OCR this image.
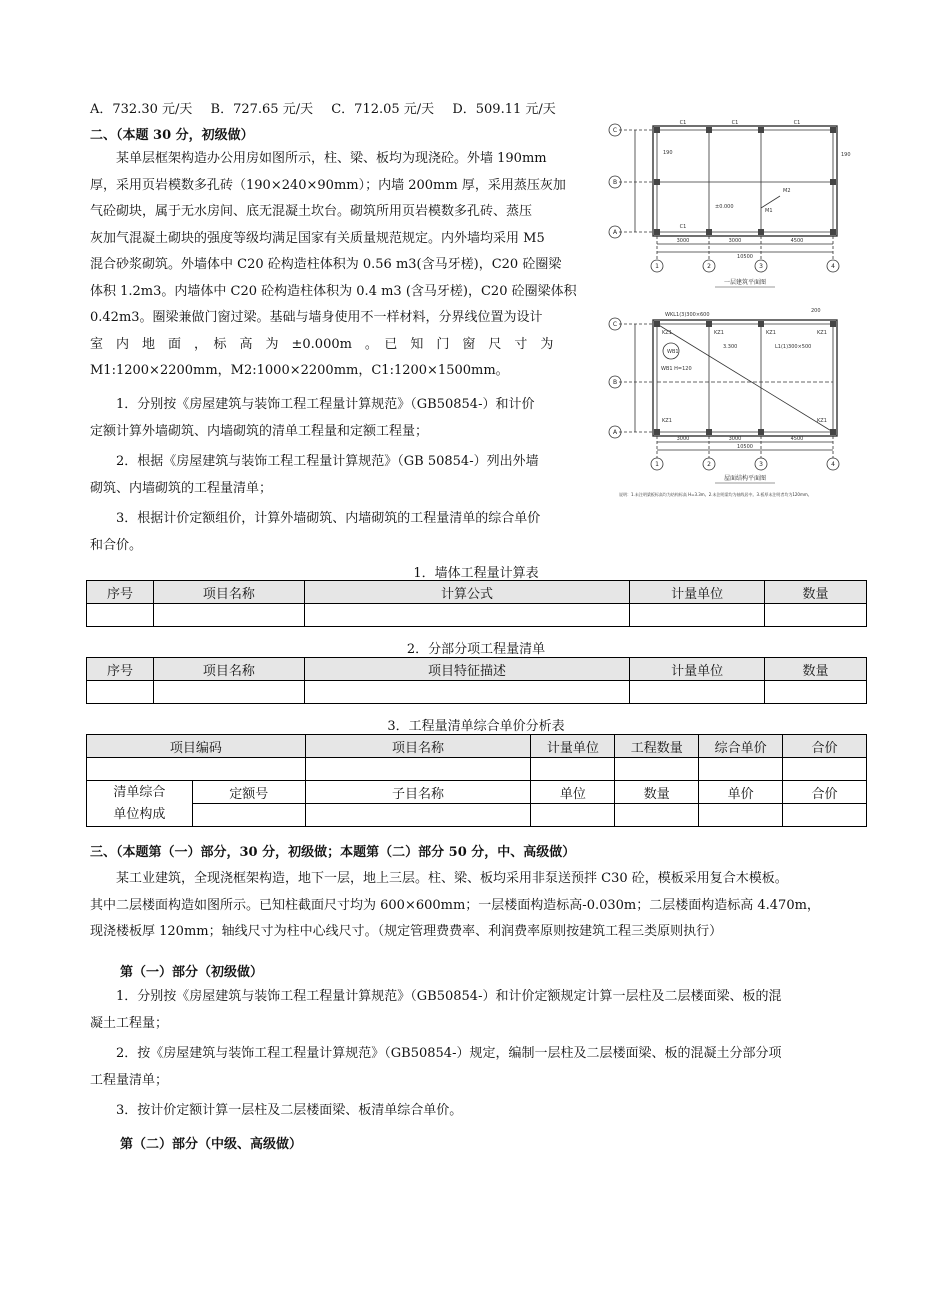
A．732.30 元/天 B．727.65 元/天 C．712.05 元/天 D．509.11 元/天
二、（本题 30 分，初级做）
某单层框架构造办公用房如图所示，柱、梁、板均为现浇砼。外墙 190mm
厚，采用页岩模数多孔砖（190×240×90mm）；内墙 200mm 厚，采用蒸压灰加
气砼砌块，属于无水房间、底无混凝土坎台。砌筑所用页岩模数多孔砖、蒸压
灰加气混凝土砌块的强度等级均满足国家有关质量规范规定。内外墙均采用 M5
混合砂浆砌筑。外墙体中 C20 砼构造柱体积为 0.56 m3(含马牙槎)，C20 砼圈梁
体积 1.2m3。内墙体中 C20 砼构造柱体积为 0.4 m3 (含马牙槎)，C20 砼圈梁体积
0.42m3。圈梁兼做门窗过梁。基础与墙身使用不一样材料，分界线位置为设计
室　内　地　面　，　标　高　为　±0.000m　。　已　知　门　窗　尺　寸　为
M1:1200×2200mm，M2:1000×2200mm，C1:1200×1500mm。
1．分别按《房屋建筑与装饰工程工程量计算规范》（GB50854-）和计价
定额计算外墙砌筑、内墙砌筑的清单工程量和定额工程量；
2．根据《房屋建筑与装饰工程工程量计算规范》（GB 50854-）列出外墙
砌筑、内墙砌筑的工程量清单；
3．根据计价定额组价，计算外墙砌筑、内墙砌筑的工程量清单的综合单价
和合价。
C
B
A
1	2	3	4
C
B
A
1	2	3	4
3000	3000	4500
10500
3000	3000	4500
10500
C1	C1	C1
C1
±0.000
M1
M2
190
190
WKL1(3)300×600
KZ1	KZ1	KZ1	KZ1
KZ1	KZ1
WB1
WB1 H=120
3.300	L1(1)300×500
200
一层建筑平面图
屋面结构平面图
说明：1.未注明梁板标高均为结构标高 H=3.3m。2.未注明梁均为轴线居中。3.板厚未注明者均为120mm。
1．墙体工程量计算表
序号	项目名称	计算公式	计量单位	数量

2．分部分项工程量清单
序号	项目名称	项目特征描述	计量单位	数量

3．工程量清单综合单价分析表
项目编码		项目名称	计量单位	工程数量	综合单价	合价

清单综合
单位构成	定额号	子目名称	单位	数量	单价	合价

三、（本题第（一）部分，30 分，初级做；本题第（二）部分 50 分，中、高级做）
某工业建筑，全现浇框架构造，地下一层，地上三层。柱、梁、板均采用非泵送预拌 C30 砼，模板采用复合木模板。
其中二层楼面构造如图所示。已知柱截面尺寸均为 600×600mm；一层楼面构造标高-0.030m；二层楼面构造标高 4.470m，
现浇楼板厚 120mm；轴线尺寸为柱中心线尺寸。（规定管理费费率、利润费率原则按建筑工程三类原则执行）
第（一）部分（初级做）
1．分别按《房屋建筑与装饰工程工程量计算规范》（GB50854-）和计价定额规定计算一层柱及二层楼面梁、板的混
凝土工程量；
2．按《房屋建筑与装饰工程工程量计算规范》（GB50854-）规定，编制一层柱及二层楼面梁、板的混凝土分部分项
工程量清单；
3．按计价定额计算一层柱及二层楼面梁、板清单综合单价。
第（二）部分（中级、高级做）
